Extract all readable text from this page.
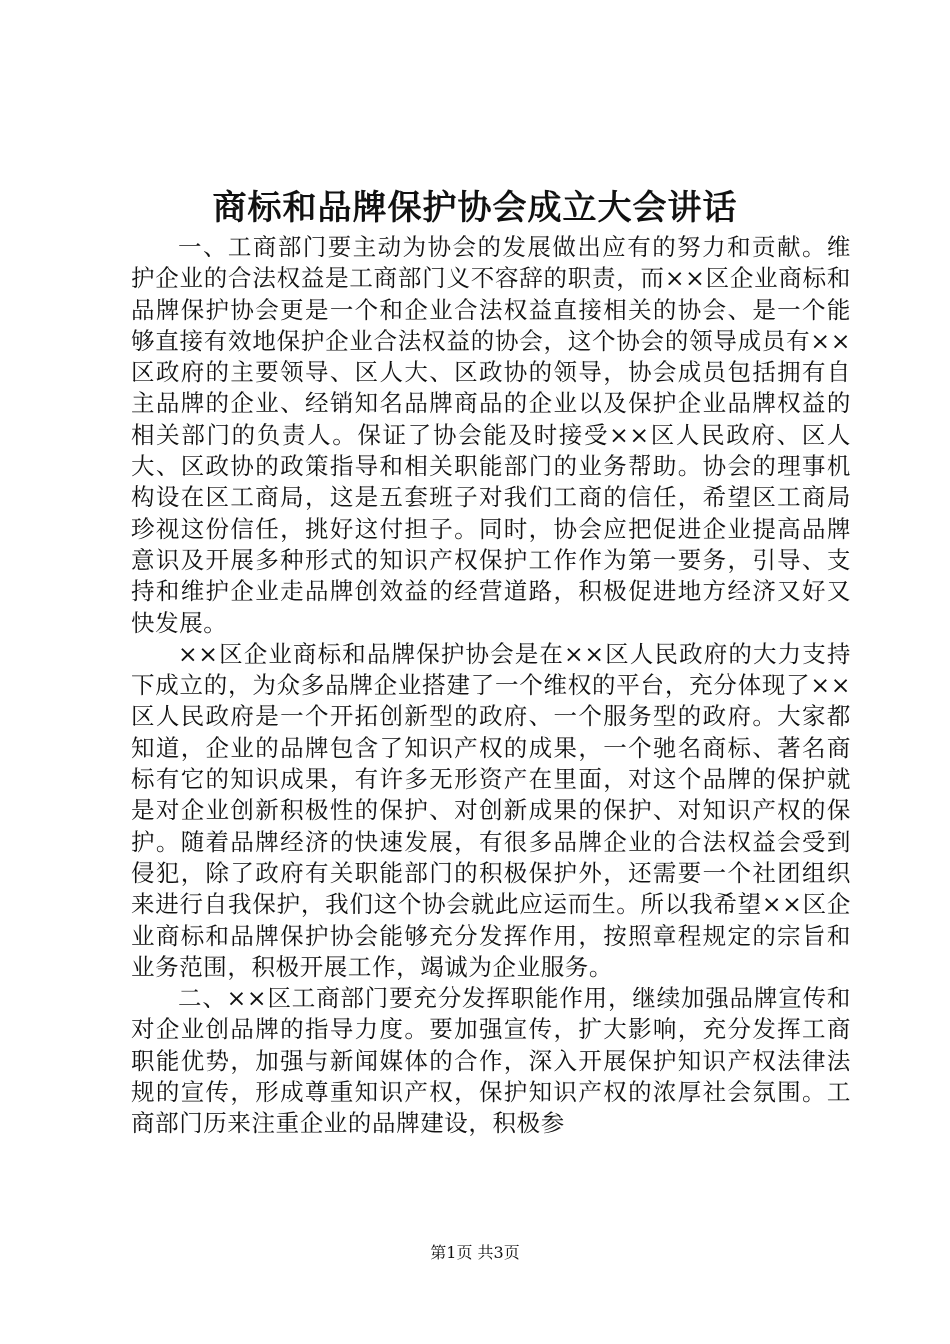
商标和品牌保护协会成立大会讲话

一、工商部门要主动为协会的发展做出应有的努力和贡献。维护企业的合法权益是工商部门义不容辞的职责，而××区企业商标和品牌保护协会更是一个和企业合法权益直接相关的协会、是一个能够直接有效地保护企业合法权益的协会，这个协会的领导成员有××区政府的主要领导、区人大、区政协的领导，协会成员包括拥有自主品牌的企业、经销知名品牌商品的企业以及保护企业品牌权益的相关部门的负责人。保证了协会能及时接受××区人民政府、区人大、区政协的政策指导和相关职能部门的业务帮助。协会的理事机构设在区工商局，这是五套班子对我们工商的信任，希望区工商局珍视这份信任，挑好这付担子。同时，协会应把促进企业提高品牌意识及开展多种形式的知识产权保护工作作为第一要务，引导、支持和维护企业走品牌创效益的经营道路，积极促进地方经济又好又快发展。

××区企业商标和品牌保护协会是在××区人民政府的大力支持下成立的，为众多品牌企业搭建了一个维权的平台，充分体现了××区人民政府是一个开拓创新型的政府、一个服务型的政府。大家都知道，企业的品牌包含了知识产权的成果，一个驰名商标、著名商标有它的知识成果，有许多无形资产在里面，对这个品牌的保护就是对企业创新积极性的保护、对创新成果的保护、对知识产权的保护。随着品牌经济的快速发展，有很多品牌企业的合法权益会受到侵犯，除了政府有关职能部门的积极保护外，还需要一个社团组织来进行自我保护，我们这个协会就此应运而生。所以我希望××区企业商标和品牌保护协会能够充分发挥作用，按照章程规定的宗旨和业务范围，积极开展工作，竭诚为企业服务。

二、××区工商部门要充分发挥职能作用，继续加强品牌宣传和对企业创品牌的指导力度。要加强宣传，扩大影响，充分发挥工商职能优势，加强与新闻媒体的合作，深入开展保护知识产权法律法规的宣传，形成尊重知识产权，保护知识产权的浓厚社会氛围。工商部门历来注重企业的品牌建设，积极参

第1页 共3页
